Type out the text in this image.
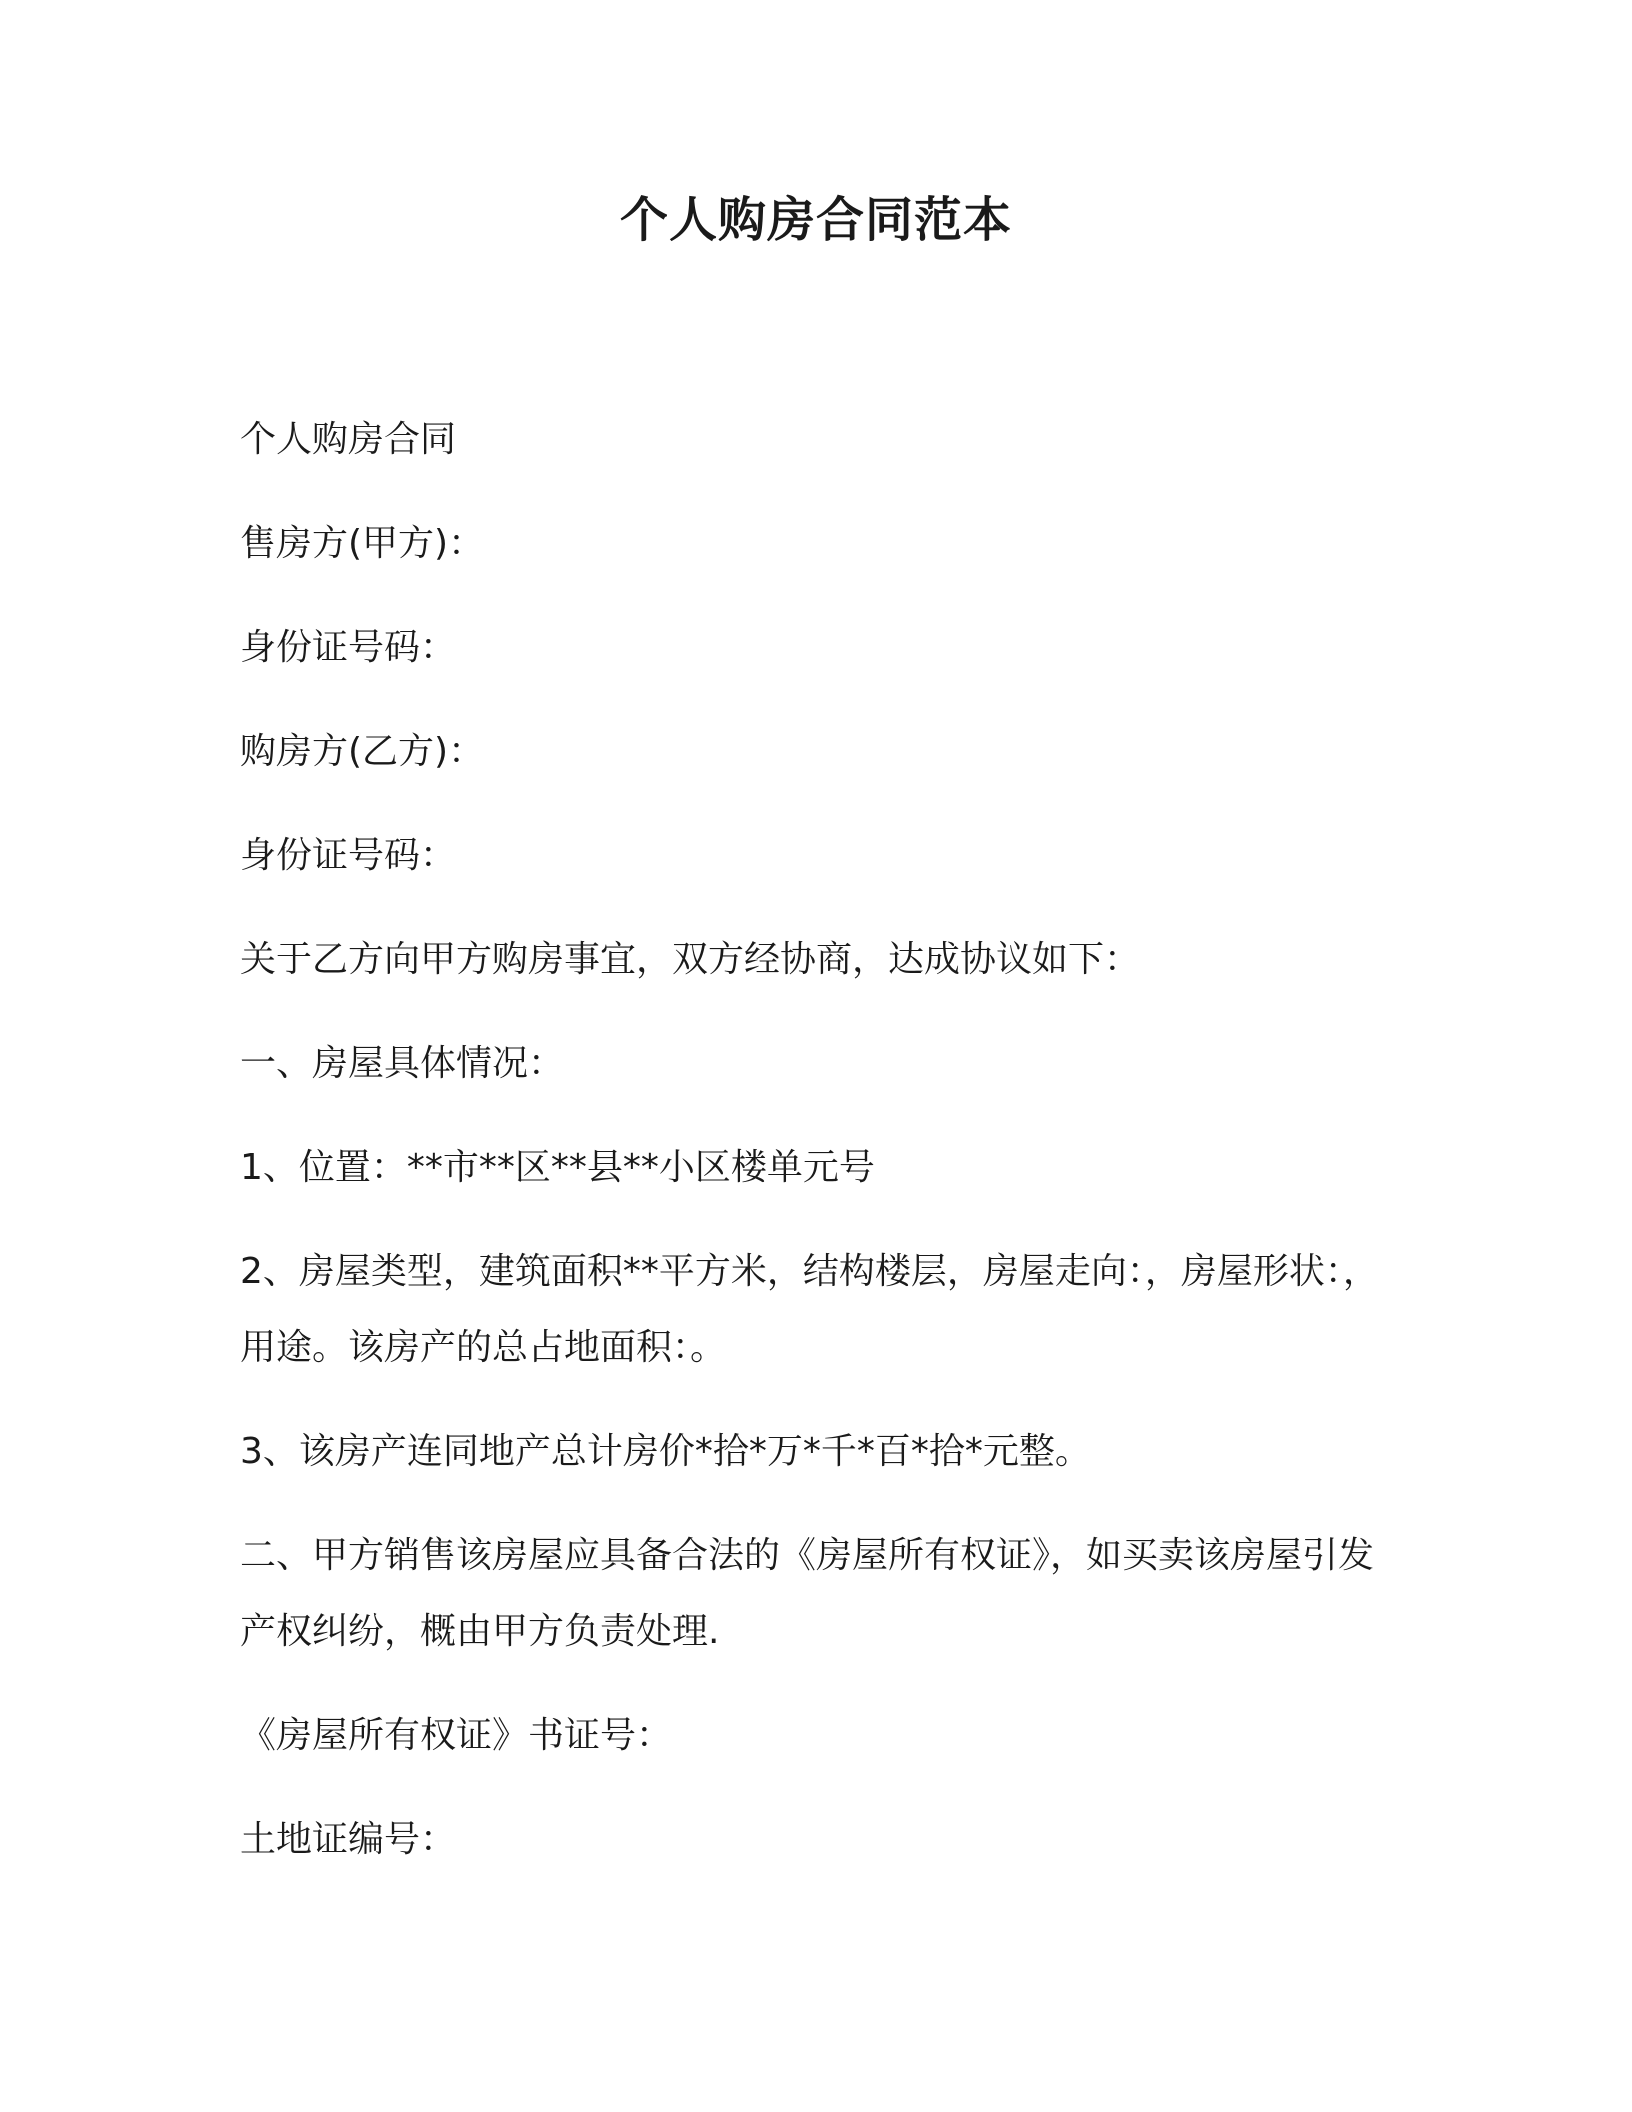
个人购房合同范本

个人购房合同

售房方(甲方)：

身份证号码：

购房方(乙方)：

身份证号码：

关于乙方向甲方购房事宜，双方经协商，达成协议如下：

一、房屋具体情况：

1、位置：**市**区**县**小区楼单元号

2、房屋类型，建筑面积**平方米，结构楼层，房屋走向：，房屋形状：，用途。该房产的总占地面积：。

3、该房产连同地产总计房价*拾*万*千*百*拾*元整。

二、甲方销售该房屋应具备合法的《房屋所有权证》，如买卖该房屋引发产权纠纷，概由甲方负责处理.

《房屋所有权证》书证号：

土地证编号：
